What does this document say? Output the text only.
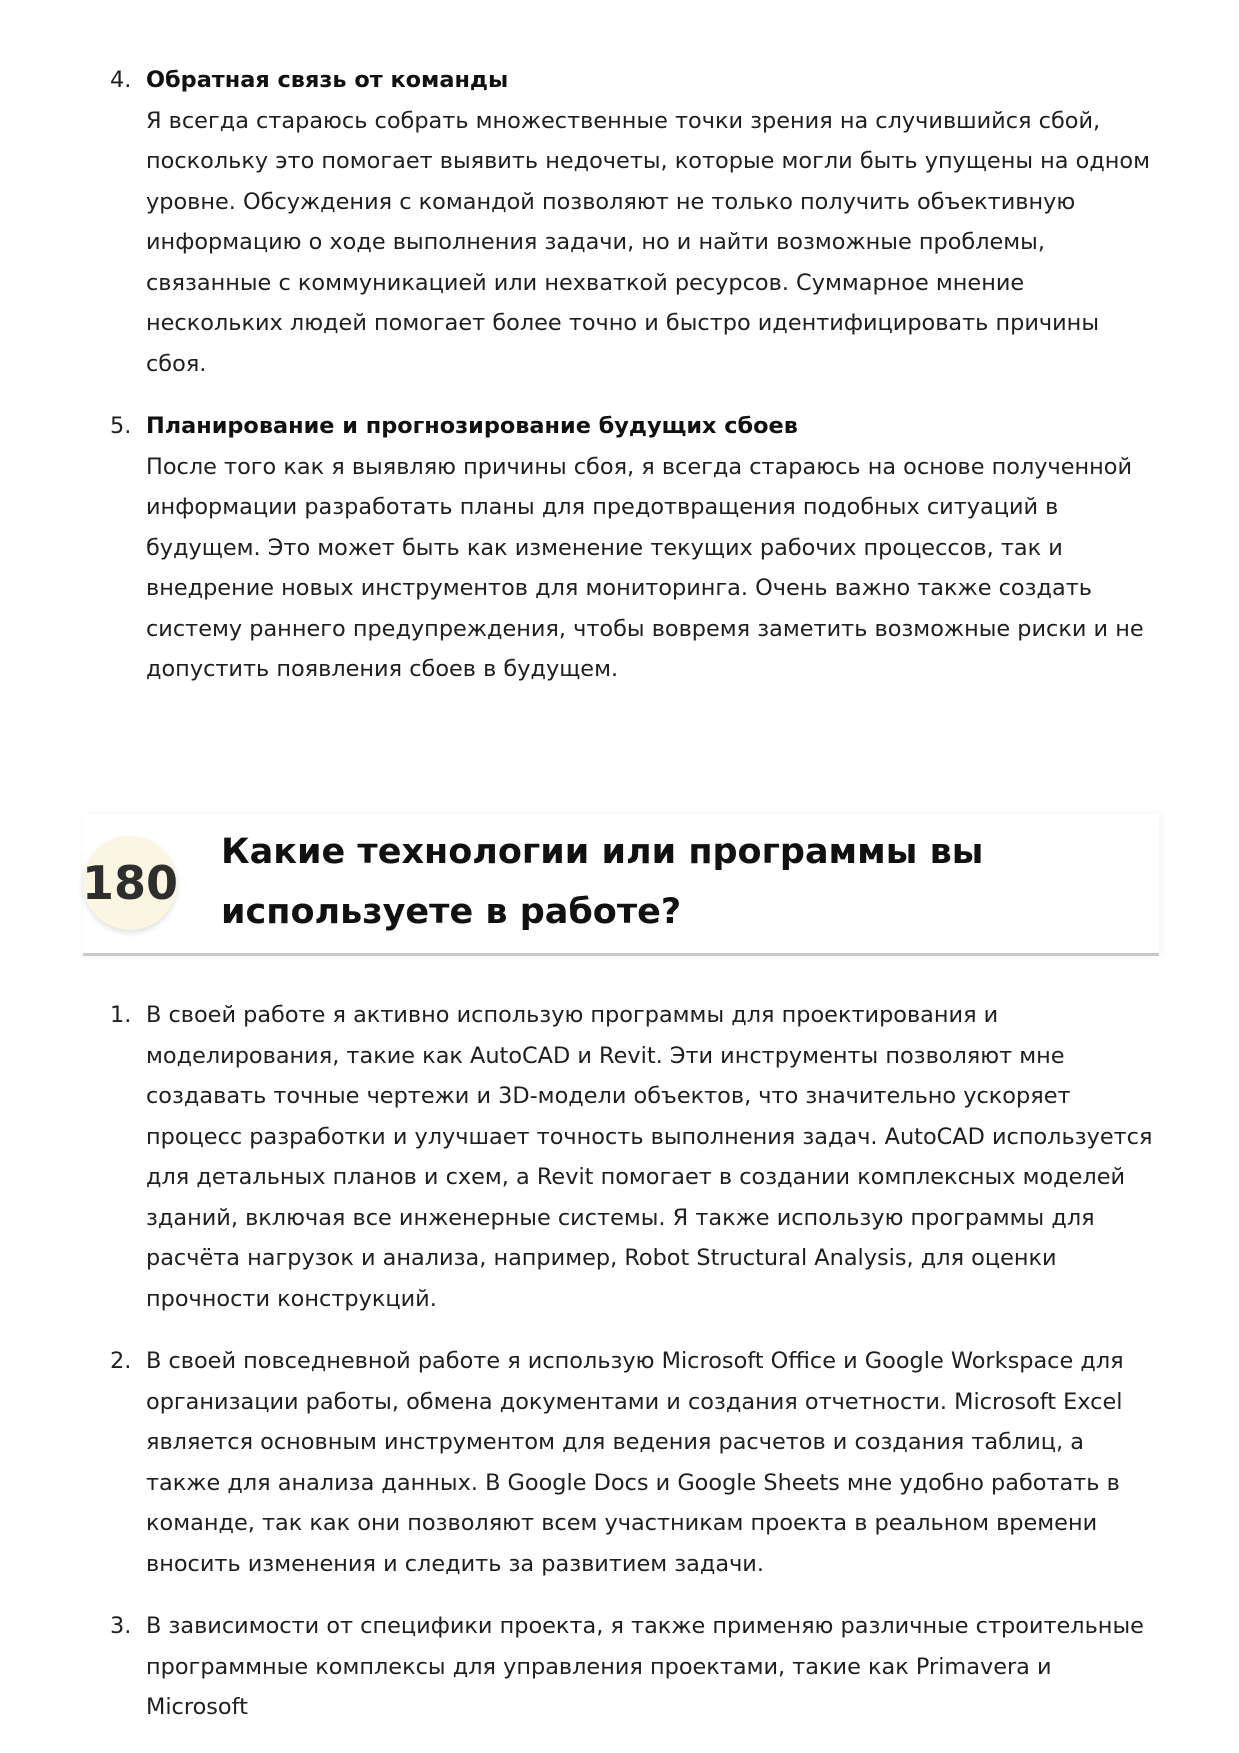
4. Обратная связь от команды
Я всегда стараюсь собрать множественные точки зрения на случившийся сбой, поскольку это помогает выявить недочеты, которые могли быть упущены на одном уровне. Обсуждения с командой позволяют не только получить объективную информацию о ходе выполнения задачи, но и найти возможные проблемы, связанные с коммуникацией или нехваткой ресурсов. Суммарное мнение нескольких людей помогает более точно и быстро идентифицировать причины сбоя.
5. Планирование и прогнозирование будущих сбоев
После того как я выявляю причины сбоя, я всегда стараюсь на основе полученной информации разработать планы для предотвращения подобных ситуаций в будущем. Это может быть как изменение текущих рабочих процессов, так и внедрение новых инструментов для мониторинга. Очень важно также создать систему раннего предупреждения, чтобы вовремя заметить возможные риски и не допустить появления сбоев в будущем.
180
Какие технологии или программы вы используете в работе?
1. В своей работе я активно использую программы для проектирования и моделирования, такие как AutoCAD и Revit. Эти инструменты позволяют мне создавать точные чертежи и 3D-модели объектов, что значительно ускоряет процесс разработки и улучшает точность выполнения задач. AutoCAD используется для детальных планов и схем, а Revit помогает в создании комплексных моделей зданий, включая все инженерные системы. Я также использую программы для расчёта нагрузок и анализа, например, Robot Structural Analysis, для оценки прочности конструкций.
2. В своей повседневной работе я использую Microsoft Office и Google Workspace для организации работы, обмена документами и создания отчетности. Microsoft Excel является основным инструментом для ведения расчетов и создания таблиц, а также для анализа данных. В Google Docs и Google Sheets мне удобно работать в команде, так как они позволяют всем участникам проекта в реальном времени вносить изменения и следить за развитием задачи.
3. В зависимости от специфики проекта, я также применяю различные строительные программные комплексы для управления проектами, такие как Primavera и Microsoft
